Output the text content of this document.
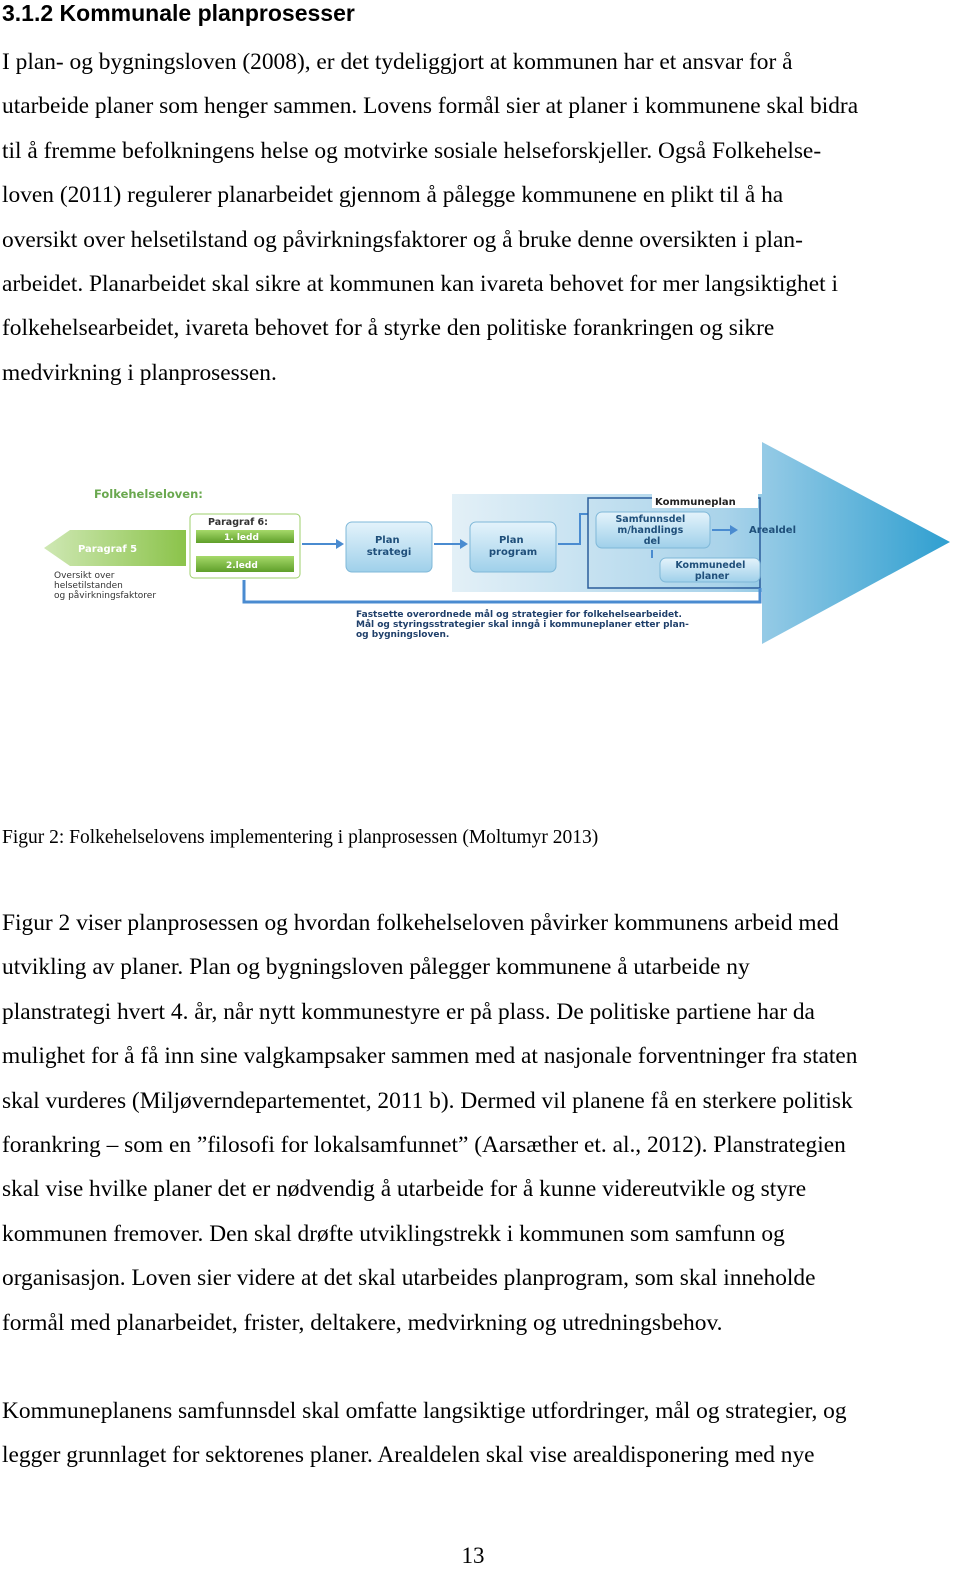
3.1.2 Kommunale planprosesser
I plan- og bygningsloven (2008), er det tydeliggjort at kommunen har et ansvar for å
utarbeide planer som henger sammen. Lovens formål sier at planer i kommunene skal bidra
til å fremme befolkningens helse og motvirke sosiale helseforskjeller. Også Folkehelse-
loven (2011) regulerer planarbeidet gjennom å pålegge kommunene en plikt til å ha
oversikt over helsetilstand og påvirkningsfaktorer og å bruke denne oversikten i plan-
arbeidet. Planarbeidet skal sikre at kommunen kan ivareta behovet for mer langsiktighet i
folkehelsearbeidet, ivareta behovet for å styrke den politiske forankringen og sikre
medvirkning i planprosessen.
Folkehelseloven:
Paragraf 5
Oversikt over helsetilstanden og påvirkningsfaktorer
Paragraf 6:
1. ledd
2.ledd
Plan strategi
Plan program
Kommuneplan
Samfunnsdel m/handlings del
Arealdel
Kommunedel planer
Fastsette overordnede mål og strategier for folkehelsearbeidet. Mål og styringsstrategier skal inngå i kommuneplaner etter plan- og bygningsloven.
Figur 2: Folkehelselovens implementering i planprosessen (Moltumyr 2013)
Figur 2 viser planprosessen og hvordan folkehelseloven påvirker kommunens arbeid med
utvikling av planer. Plan og bygningsloven pålegger kommunene å utarbeide ny
planstrategi hvert 4. år, når nytt kommunestyre er på plass. De politiske partiene har da
mulighet for å få inn sine valgkampsaker sammen med at nasjonale forventninger fra staten
skal vurderes (Miljøverndepartementet, 2011 b). Dermed vil planene få en sterkere politisk
forankring – som en ”filosofi for lokalsamfunnet” (Aarsæther et. al., 2012). Planstrategien
skal vise hvilke planer det er nødvendig å utarbeide for å kunne videreutvikle og styre
kommunen fremover. Den skal drøfte utviklingstrekk i kommunen som samfunn og
organisasjon. Loven sier videre at det skal utarbeides planprogram, som skal inneholde
formål med planarbeidet, frister, deltakere, medvirkning og utredningsbehov.
Kommuneplanens samfunnsdel skal omfatte langsiktige utfordringer, mål og strategier, og
legger grunnlaget for sektorenes planer. Arealdelen skal vise arealdisponering med nye
13
